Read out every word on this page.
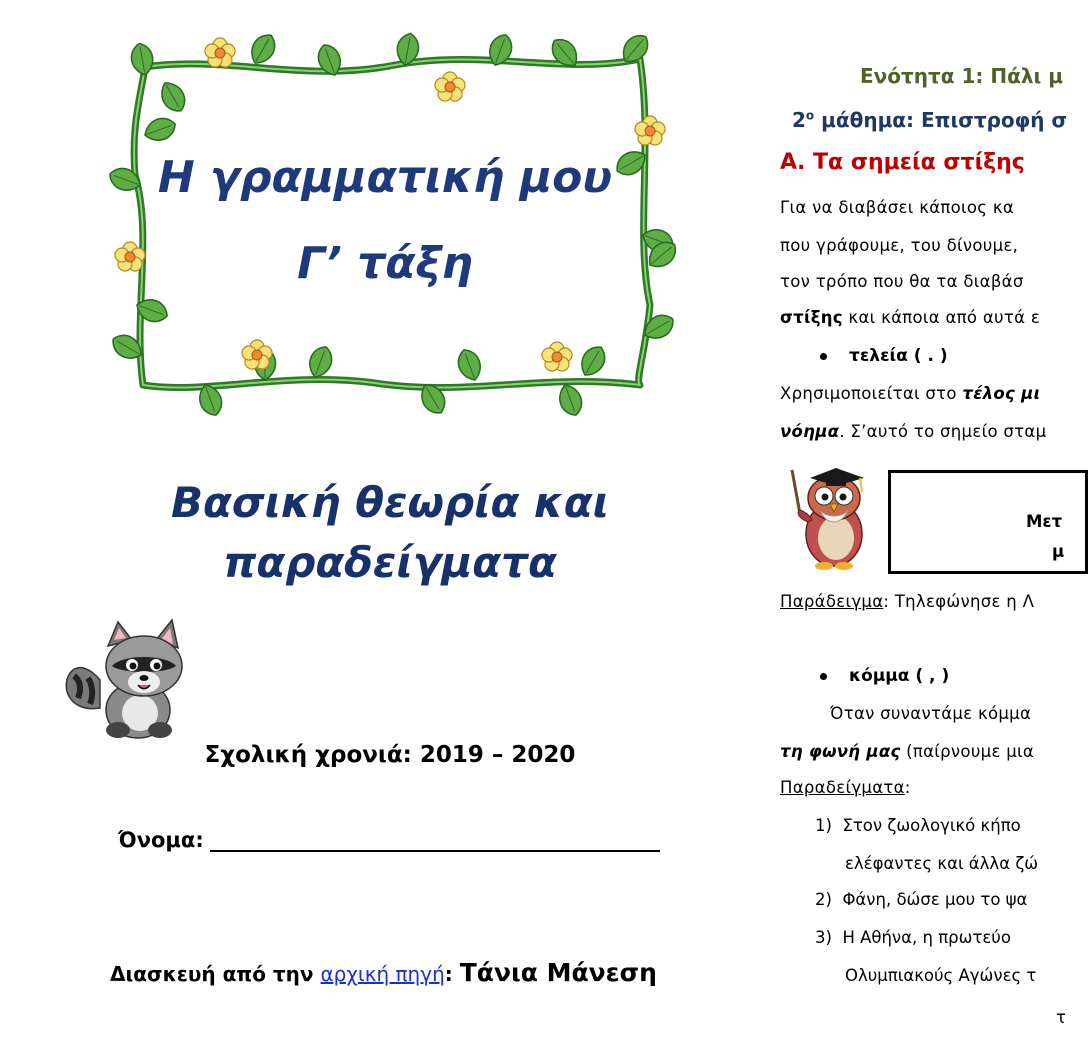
Η γραμματική μου
Γ’ τάξη
Βασική θεωρία και
παραδείγματα
Σχολική χρονιά: 2019 – 2020
Όνομα:
Διασκευή από την αρχική πηγή: Τάνια Μάνεση
Ενότητα 1: Πάλι μ
$2^o$ μάθημα: Επιστροφή σ
Α. Τα σημεία στίξης
Για να διαβάσει κάποιος κα
που γράφουμε, του δίνουμε,
τον τρόπο που θα τα διαβάσ
στίξης και κάποια από αυτά ε
τελεία ( . )
Χρησιμοποιείται στο τέλος μι
νόημα. Σ’αυτό το σημείο σταμ
Μετ
μ
Παράδειγμα: Τηλεφώνησε η Λ
κόμμα ( , )
Όταν συναντάμε κόμμα
τη φωνή μας (παίρνουμε μια
Παραδείγματα:
1) Στον ζωολογικό κήπο
ελέφαντες και άλλα ζώ
2) Φάνη, δώσε μου το ψα
3) Η Αθήνα, η πρωτεύο
Ολυμπιακούς Αγώνες τ
τ
